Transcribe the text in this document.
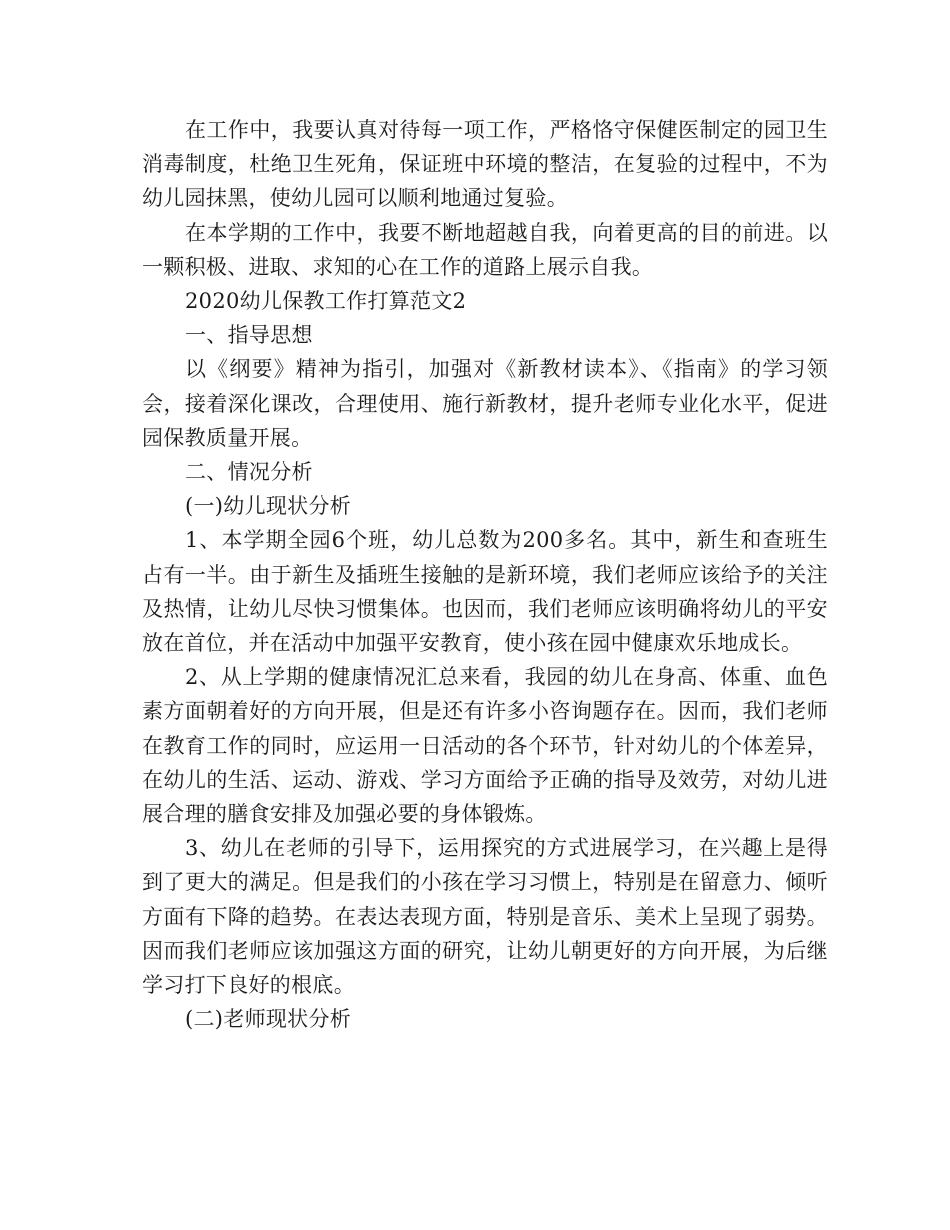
在工作中，我要认真对待每一项工作，严格恪守保健医制定的园卫生消毒制度，杜绝卫生死角，保证班中环境的整洁，在复验的过程中，不为幼儿园抹黑，使幼儿园可以顺利地通过复验。

在本学期的工作中，我要不断地超越自我，向着更高的目的前进。以一颗积极、进取、求知的心在工作的道路上展示自我。

2020幼儿保教工作打算范文2

一、指导思想

以《纲要》精神为指引，加强对《新教材读本》、《指南》的学习领会，接着深化课改，合理使用、施行新教材，提升老师专业化水平，促进园保教质量开展。

二、情况分析

(一)幼儿现状分析

1、本学期全园6个班，幼儿总数为200多名。其中，新生和查班生占有一半。由于新生及插班生接触的是新环境，我们老师应该给予的关注及热情，让幼儿尽快习惯集体。也因而，我们老师应该明确将幼儿的平安放在首位，并在活动中加强平安教育，使小孩在园中健康欢乐地成长。

2、从上学期的健康情况汇总来看，我园的幼儿在身高、体重、血色素方面朝着好的方向开展，但是还有许多小咨询题存在。因而，我们老师在教育工作的同时，应运用一日活动的各个环节，针对幼儿的个体差异，在幼儿的生活、运动、游戏、学习方面给予正确的指导及效劳，对幼儿进展合理的膳食安排及加强必要的身体锻炼。

3、幼儿在老师的引导下，运用探究的方式进展学习，在兴趣上是得到了更大的满足。但是我们的小孩在学习习惯上，特别是在留意力、倾听方面有下降的趋势。在表达表现方面，特别是音乐、美术上呈现了弱势。因而我们老师应该加强这方面的研究，让幼儿朝更好的方向开展，为后继学习打下良好的根底。

(二)老师现状分析
